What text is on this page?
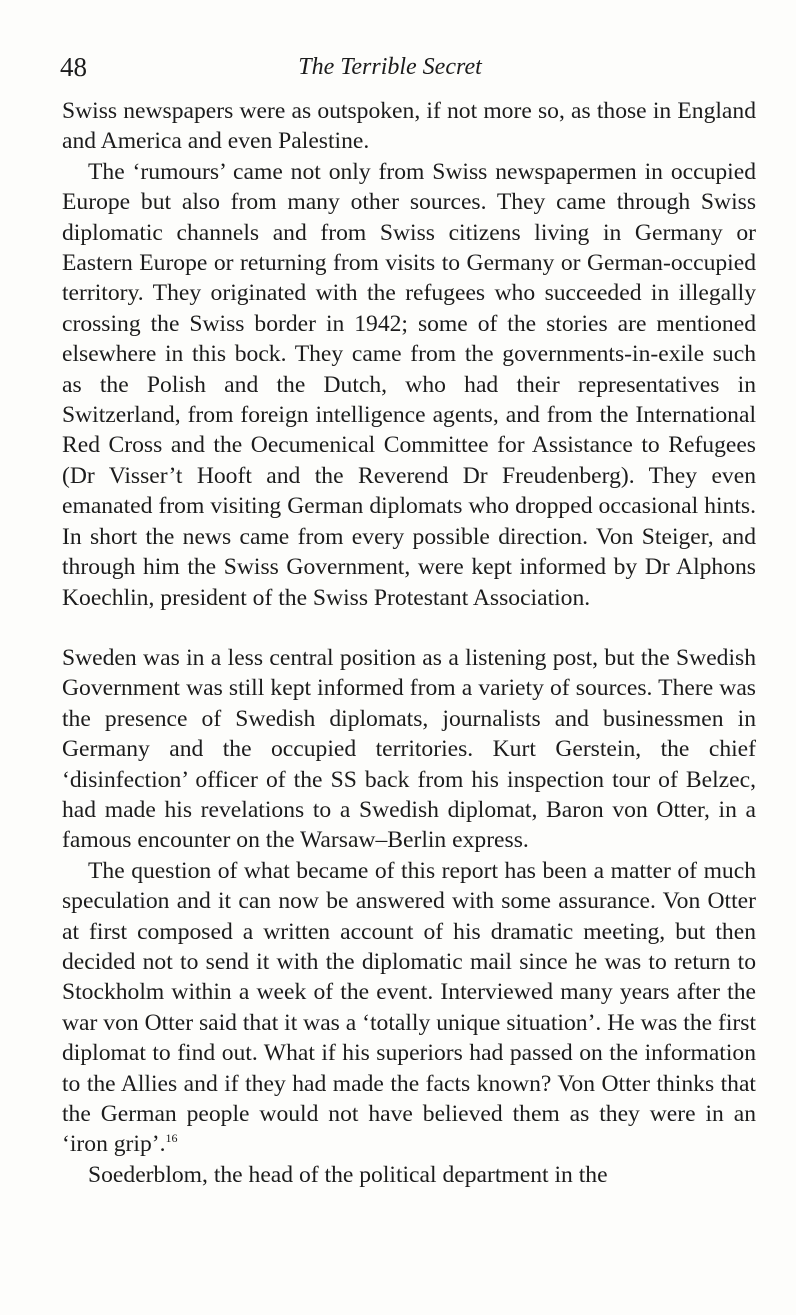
48	The Terrible Secret

Swiss newspapers were as outspoken, if not more so, as those in England and America and even Palestine.

The ‘rumours’ came not only from Swiss newspapermen in occupied Europe but also from many other sources. They came through Swiss diplomatic channels and from Swiss citizens living in Germany or Eastern Europe or returning from visits to Germany or German-occupied territory. They originated with the refugees who succeeded in illegally crossing the Swiss border in 1942; some of the stories are mentioned elsewhere in this bock. They came from the governments-in-exile such as the Polish and the Dutch, who had their representatives in Switzerland, from foreign intelligence agents, and from the International Red Cross and the Oecumenical Committee for Assistance to Refugees (Dr Visser’t Hooft and the Reverend Dr Freudenberg). They even emanated from visiting German diplomats who dropped occasional hints. In short the news came from every possible direction. Von Steiger, and through him the Swiss Government, were kept informed by Dr Alphons Koechlin, president of the Swiss Protestant Association.

Sweden was in a less central position as a listening post, but the Swedish Government was still kept informed from a variety of sources. There was the presence of Swedish diplomats, journalists and businessmen in Germany and the occupied territories. Kurt Gerstein, the chief ‘disinfection’ officer of the SS back from his inspection tour of Belzec, had made his revelations to a Swedish diplomat, Baron von Otter, in a famous encounter on the Warsaw–Berlin express.

The question of what became of this report has been a matter of much speculation and it can now be answered with some assurance. Von Otter at first composed a written account of his dramatic meeting, but then decided not to send it with the diplomatic mail since he was to return to Stockholm within a week of the event. Interviewed many years after the war von Otter said that it was a ‘totally unique situation’. He was the first diplomat to find out. What if his superiors had passed on the information to the Allies and if they had made the facts known? Von Otter thinks that the German people would not have believed them as they were in an ‘iron grip’.$^{16}$

Soederblom, the head of the political department in the
